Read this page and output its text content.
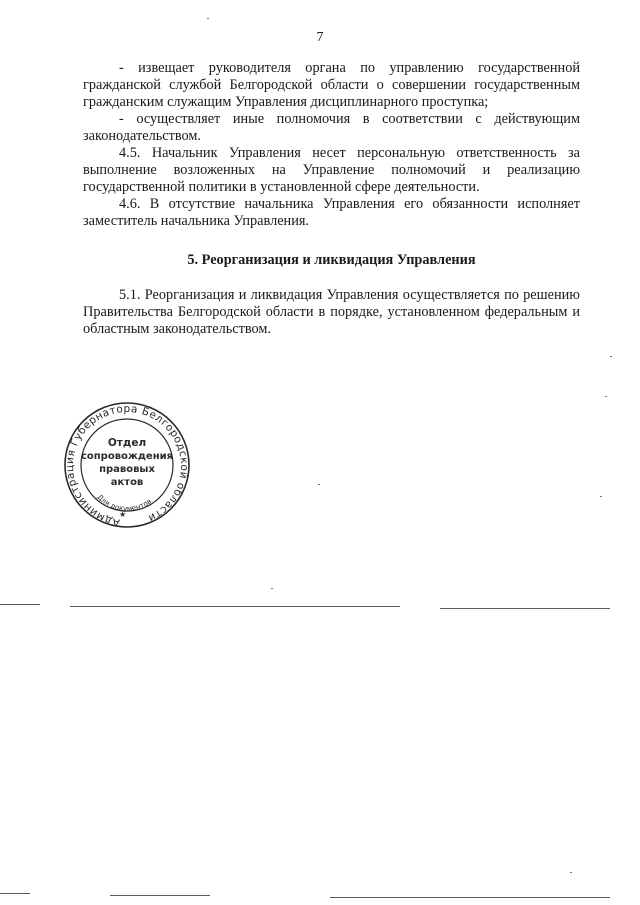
7

- извещает руководителя органа по управлению государственной гражданской службой Белгородской области о совершении государственным гражданским служащим Управления дисциплинарного проступка;

- осуществляет иные полномочия в соответствии с действующим законодательством.

4.5. Начальник Управления несет персональную ответственность за выполнение возложенных на Управление полномочий и реализацию государственной политики в установленной сфере деятельности.

4.6. В отсутствие начальника Управления его обязанности исполняет заместитель начальника Управления.

5. Реорганизация и ликвидация Управления

5.1. Реорганизация и ликвидация Управления осуществляется по решению Правительства Белгородской области в порядке, установленном федеральным и областным законодательством.

Администрация Губернатора Белгородской области
Отдел
сопровождения
правовых
актов
Для документов
★
